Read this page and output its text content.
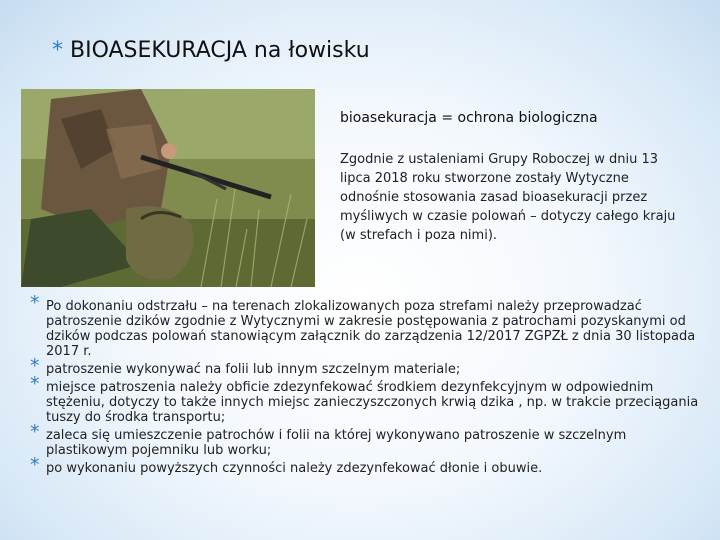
* BIOASEKURACJA na łowisku
bioasekuracja = ochrona biologiczna
Zgodnie z ustaleniami Grupy Roboczej w dniu 13 lipca 2018 roku stworzone zostały Wytyczne odnośnie stosowania zasad bioasekuracji przez myśliwych w czasie polowań – dotyczy całego kraju (w strefach i poza nimi).
* Po dokonaniu odstrzału – na terenach zlokalizowanych poza strefami należy przeprowadzać patroszenie dzików zgodnie z Wytycznymi w zakresie postępowania z patrochami pozyskanymi od dzików podczas polowań stanowiącym załącznik do zarządzenia 12/2017 ZGPZŁ z dnia 30 listopada 2017 r.
* patroszenie wykonywać na folii lub innym szczelnym materiale;
* miejsce patroszenia należy obficie zdezynfekować środkiem dezynfekcyjnym w odpowiednim stężeniu, dotyczy to także innych miejsc zanieczyszczonych krwią dzika , np. w trakcie przeciągania tuszy do środka transportu;
* zaleca się umieszczenie patrochów i folii na której wykonywano patroszenie w szczelnym plastikowym pojemniku lub worku;
* po wykonaniu powyższych czynności należy zdezynfekować dłonie i obuwie.
